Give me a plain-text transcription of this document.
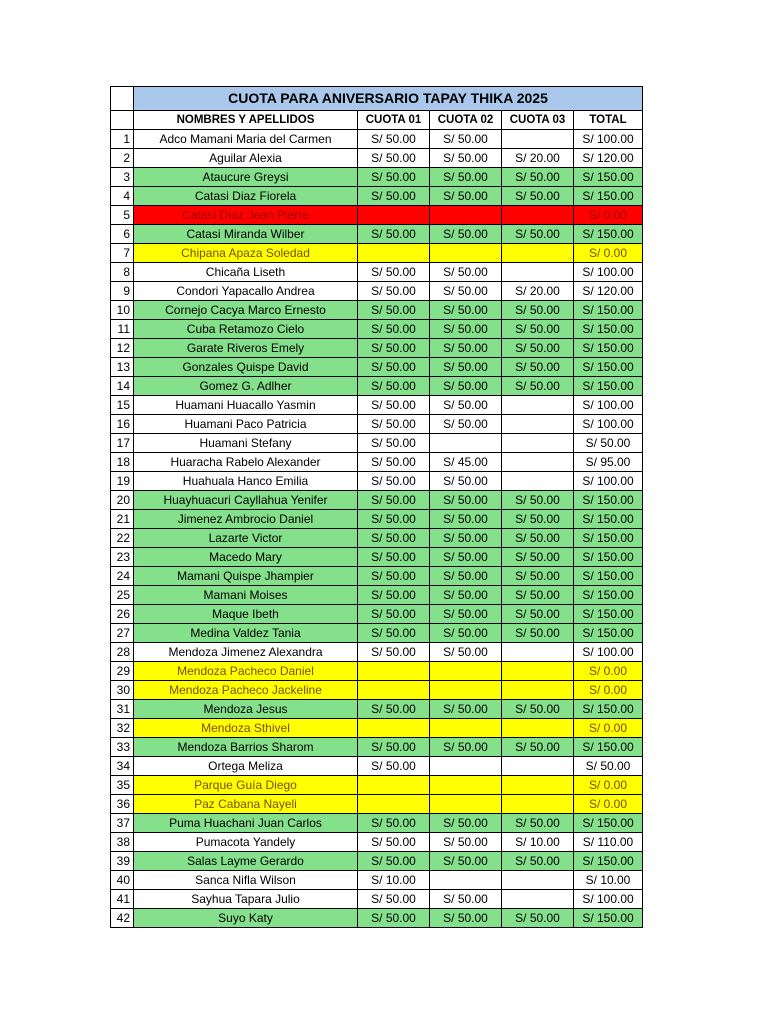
	CUOTA PARA ANIVERSARIO TAPAY THIKA 2025				
	NOMBRES Y APELLIDOS	CUOTA 01	CUOTA 02	CUOTA 03	TOTAL
1	Adco Mamani Maria del Carmen	S/ 50.00	S/ 50.00		S/ 100.00
2	Aguilar Alexia	S/ 50.00	S/ 50.00	S/ 20.00	S/ 120.00
3	Ataucure Greysi	S/ 50.00	S/ 50.00	S/ 50.00	S/ 150.00
4	Catasi Diaz Fiorela	S/ 50.00	S/ 50.00	S/ 50.00	S/ 150.00
5	Catasi Díaz Jean Pierre				S/ 0.00
6	Catasi Miranda Wilber	S/ 50.00	S/ 50.00	S/ 50.00	S/ 150.00
7	Chipana Apaza Soledad				S/ 0.00
8	Chicaña Liseth	S/ 50.00	S/ 50.00		S/ 100.00
9	Condori Yapacallo Andrea	S/ 50.00	S/ 50.00	S/ 20.00	S/ 120.00
10	Cornejo Cacya Marco Ernesto	S/ 50.00	S/ 50.00	S/ 50.00	S/ 150.00
11	Cuba Retamozo Cielo	S/ 50.00	S/ 50.00	S/ 50.00	S/ 150.00
12	Garate Riveros Emely	S/ 50.00	S/ 50.00	S/ 50.00	S/ 150.00
13	Gonzales Quispe David	S/ 50.00	S/ 50.00	S/ 50.00	S/ 150.00
14	Gomez G. Adlher	S/ 50.00	S/ 50.00	S/ 50.00	S/ 150.00
15	Huamani Huacallo Yasmin	S/ 50.00	S/ 50.00		S/ 100.00
16	Huamani Paco Patricia	S/ 50.00	S/ 50.00		S/ 100.00
17	Huamani Stefany	S/ 50.00			S/ 50.00
18	Huaracha Rabelo Alexander	S/ 50.00	S/ 45.00		S/ 95.00
19	Huahuala Hanco Emilia	S/ 50.00	S/ 50.00		S/ 100.00
20	Huayhuacuri Cayllahua Yenifer	S/ 50.00	S/ 50.00	S/ 50.00	S/ 150.00
21	Jimenez Ambrocio Daniel	S/ 50.00	S/ 50.00	S/ 50.00	S/ 150.00
22	Lazarte Victor	S/ 50.00	S/ 50.00	S/ 50.00	S/ 150.00
23	Macedo Mary	S/ 50.00	S/ 50.00	S/ 50.00	S/ 150.00
24	Mamani Quispe Jhampier	S/ 50.00	S/ 50.00	S/ 50.00	S/ 150.00
25	Mamani Moises	S/ 50.00	S/ 50.00	S/ 50.00	S/ 150.00
26	Maque Ibeth	S/ 50.00	S/ 50.00	S/ 50.00	S/ 150.00
27	Medina Valdez Tania	S/ 50.00	S/ 50.00	S/ 50.00	S/ 150.00
28	Mendoza Jimenez Alexandra	S/ 50.00	S/ 50.00		S/ 100.00
29	Mendoza Pacheco Daniel				S/ 0.00
30	Mendoza Pacheco Jackeline				S/ 0.00
31	Mendoza Jesus	S/ 50.00	S/ 50.00	S/ 50.00	S/ 150.00
32	Mendoza Sthivel				S/ 0.00
33	Mendoza Barrios Sharom	S/ 50.00	S/ 50.00	S/ 50.00	S/ 150.00
34	Ortega Meliza	S/ 50.00			S/ 50.00
35	Parque Guía Diego				S/ 0.00
36	Paz Cabana Nayeli				S/ 0.00
37	Puma Huachani Juan Carlos	S/ 50.00	S/ 50.00	S/ 50.00	S/ 150.00
38	Pumacota Yandely	S/ 50.00	S/ 50.00	S/ 10.00	S/ 110.00
39	Salas Layme Gerardo	S/ 50.00	S/ 50.00	S/ 50.00	S/ 150.00
40	Sanca Nifla Wilson	S/ 10.00			S/ 10.00
41	Sayhua Tapara Julio	S/ 50.00	S/ 50.00		S/ 100.00
42	Suyo Katy	S/ 50.00	S/ 50.00	S/ 50.00	S/ 150.00
